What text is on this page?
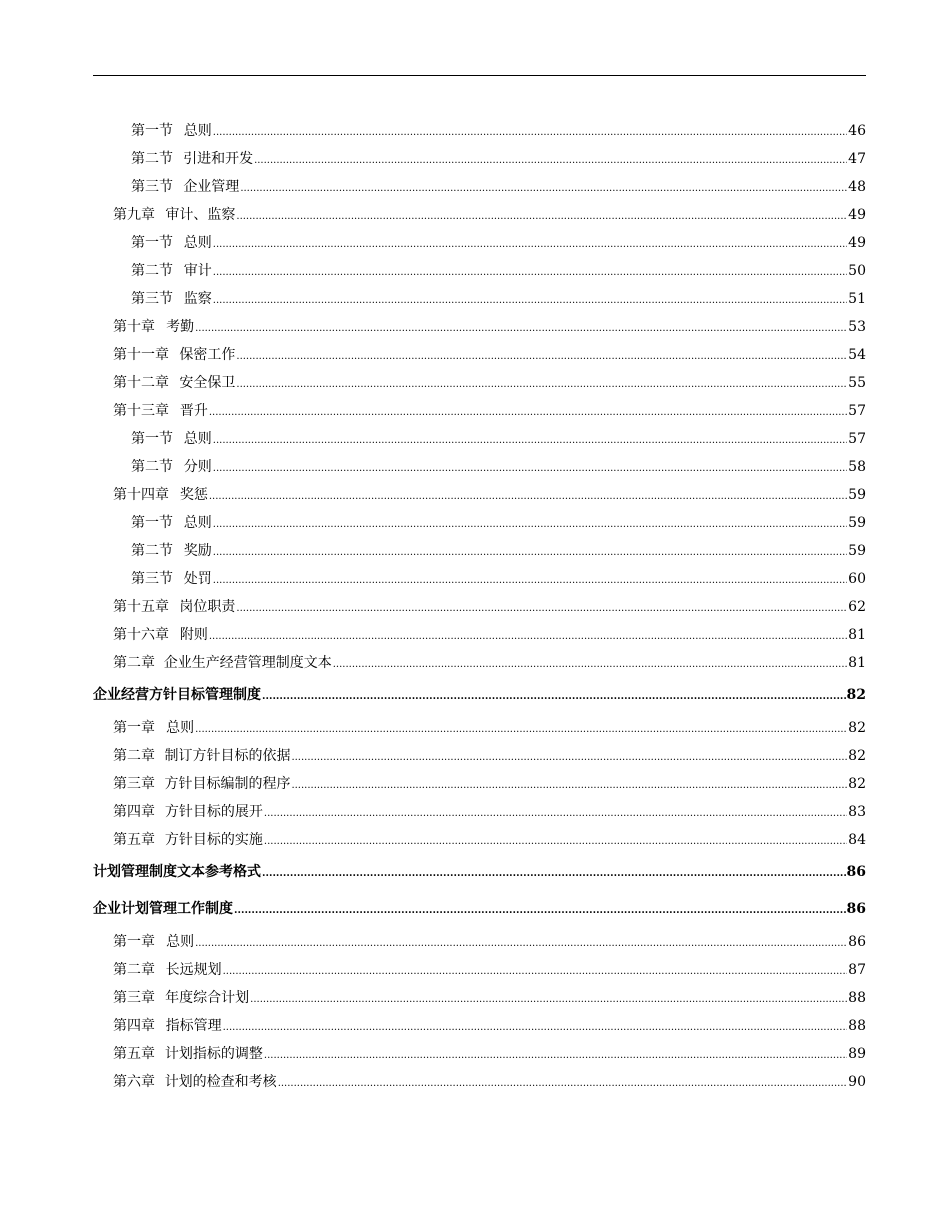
第一节 总则 .....	46
第二节 引进和开发 .....	47
第三节 企业管理 .....	48
第九章 审计、监察 .....	49
第一节 总则 .....	49
第二节 审计 .....	50
第三节 监察 .....	51
第十章 考勤 .....	53
第十一章 保密工作 .....	54
第十二章 安全保卫 .....	55
第十三章 晋升 .....	57
第一节 总则 .....	57
第二节 分则 .....	58
第十四章 奖惩 .....	59
第一节 总则 .....	59
第二节 奖励 .....	59
第三节 处罚 .....	60
第十五章 岗位职责 .....	62
第十六章 附则 .....	81
第二章 企业生产经营管理制度文本 .....	81
企业经营方针目标管理制度 .....	82
第一章 总则 .....	82
第二章 制订方针目标的依据 .....	82
第三章 方针目标编制的程序 .....	82
第四章 方针目标的展开 .....	83
第五章 方针目标的实施 .....	84
计划管理制度文本参考格式 .....	86
企业计划管理工作制度 .....	86
第一章 总则 .....	86
第二章 长远规划 .....	87
第三章 年度综合计划 .....	88
第四章 指标管理 .....	88
第五章 计划指标的调整 .....	89
第六章 计划的检查和考核 .....	90
